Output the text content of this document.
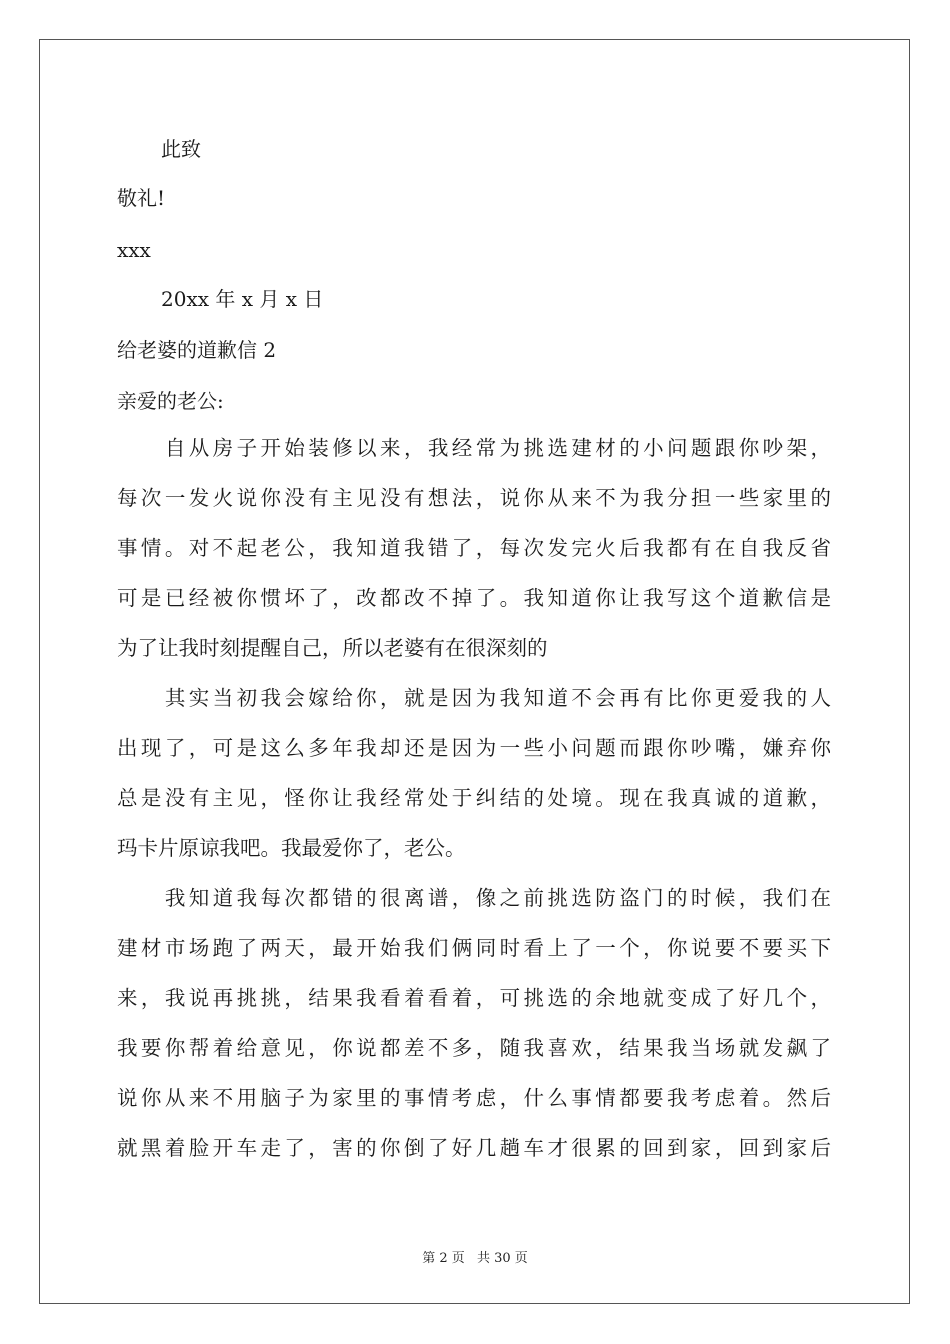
此致
敬礼!
xxx
20xx 年 x 月 x 日
给老婆的道歉信 2
亲爱的老公:
　　自从房子开始装修以来，我经常为挑选建材的小问题跟你吵架，
每次一发火说你没有主见没有想法，说你从来不为我分担一些家里的
事情。对不起老公，我知道我错了，每次发完火后我都有在自我反省
可是已经被你惯坏了，改都改不掉了。我知道你让我写这个道歉信是
为了让我时刻提醒自己，所以老婆有在很深刻的
　　其实当初我会嫁给你，就是因为我知道不会再有比你更爱我的人
出现了，可是这么多年我却还是因为一些小问题而跟你吵嘴，嫌弃你
总是没有主见，怪你让我经常处于纠结的处境。现在我真诚的道歉，
玛卡片原谅我吧。我最爱你了，老公。
　　我知道我每次都错的很离谱，像之前挑选防盗门的时候，我们在
建材市场跑了两天，最开始我们俩同时看上了一个，你说要不要买下
来，我说再挑挑，结果我看着看着，可挑选的余地就变成了好几个，
我要你帮着给意见，你说都差不多，随我喜欢，结果我当场就发飙了
说你从来不用脑子为家里的事情考虑，什么事情都要我考虑着。然后
就黑着脸开车走了，害的你倒了好几趟车才很累的回到家，回到家后
第 2 页 共 30 页
